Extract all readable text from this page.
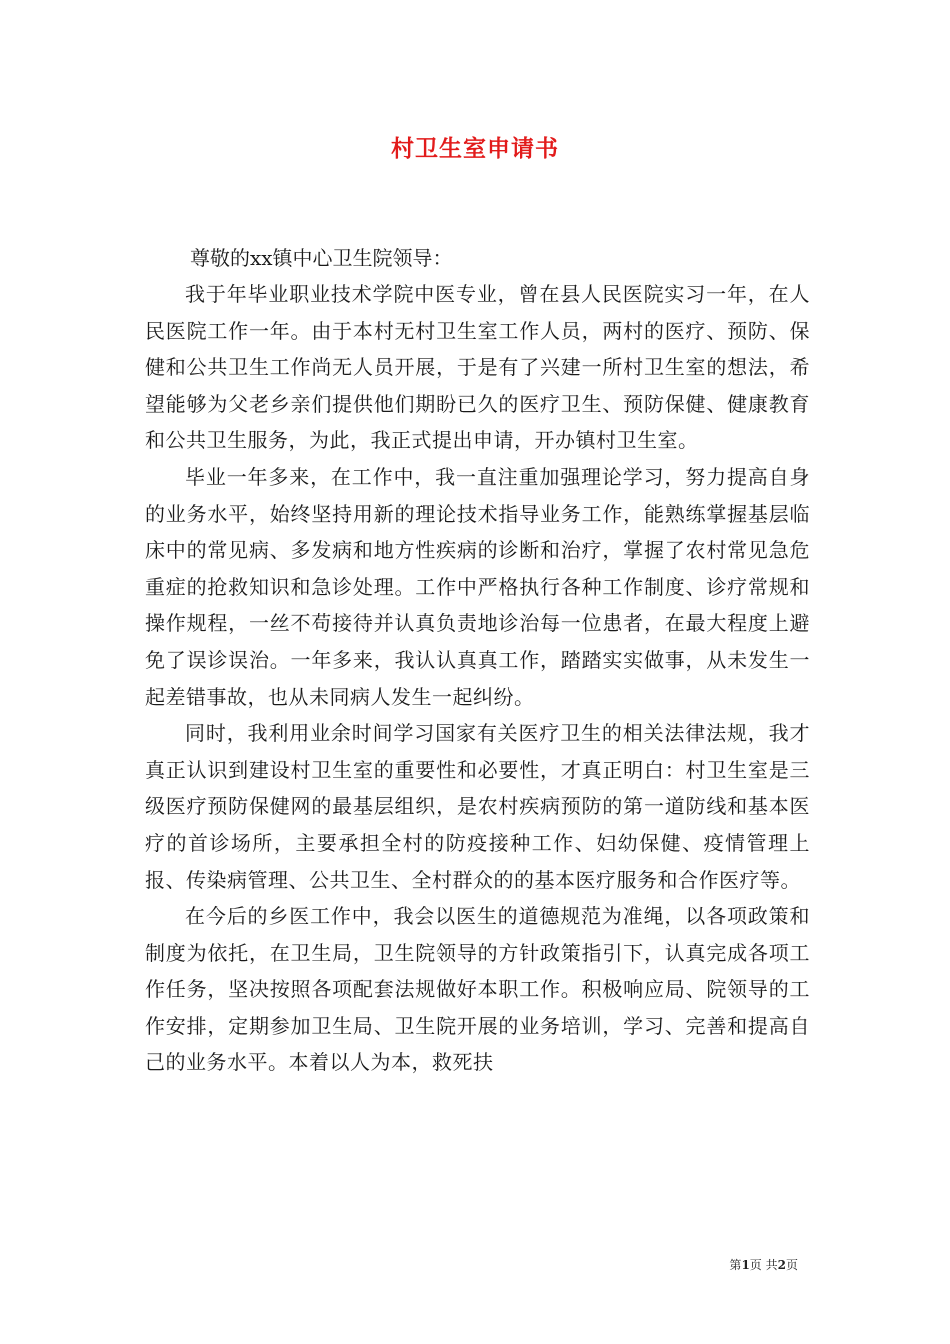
村卫生室申请书
尊敬的xx镇中心卫生院领导：

我于年毕业职业技术学院中医专业，曾在县人民医院实习一年，在人民医院工作一年。由于本村无村卫生室工作人员，两村的医疗、预防、保健和公共卫生工作尚无人员开展，于是有了兴建一所村卫生室的想法，希望能够为父老乡亲们提供他们期盼已久的医疗卫生、预防保健、健康教育和公共卫生服务，为此，我正式提出申请，开办镇村卫生室。

毕业一年多来，在工作中，我一直注重加强理论学习，努力提高自身的业务水平，始终坚持用新的理论技术指导业务工作，能熟练掌握基层临床中的常见病、多发病和地方性疾病的诊断和治疗，掌握了农村常见急危重症的抢救知识和急诊处理。工作中严格执行各种工作制度、诊疗常规和操作规程，一丝不苟接待并认真负责地诊治每一位患者，在最大程度上避免了误诊误治。一年多来，我认认真真工作，踏踏实实做事，从未发生一起差错事故，也从未同病人发生一起纠纷。

同时，我利用业余时间学习国家有关医疗卫生的相关法律法规，我才真正认识到建设村卫生室的重要性和必要性，才真正明白：村卫生室是三级医疗预防保健网的最基层组织，是农村疾病预防的第一道防线和基本医疗的首诊场所，主要承担全村的防疫接种工作、妇幼保健、疫情管理上报、传染病管理、公共卫生、全村群众的的基本医疗服务和合作医疗等。

在今后的乡医工作中，我会以医生的道德规范为准绳，以各项政策和制度为依托，在卫生局，卫生院领导的方针政策指引下，认真完成各项工作任务，坚决按照各项配套法规做好本职工作。积极响应局、院领导的工作安排，定期参加卫生局、卫生院开展的业务培训，学习、完善和提高自己的业务水平。本着以人为本，救死扶

第1页 共2页
